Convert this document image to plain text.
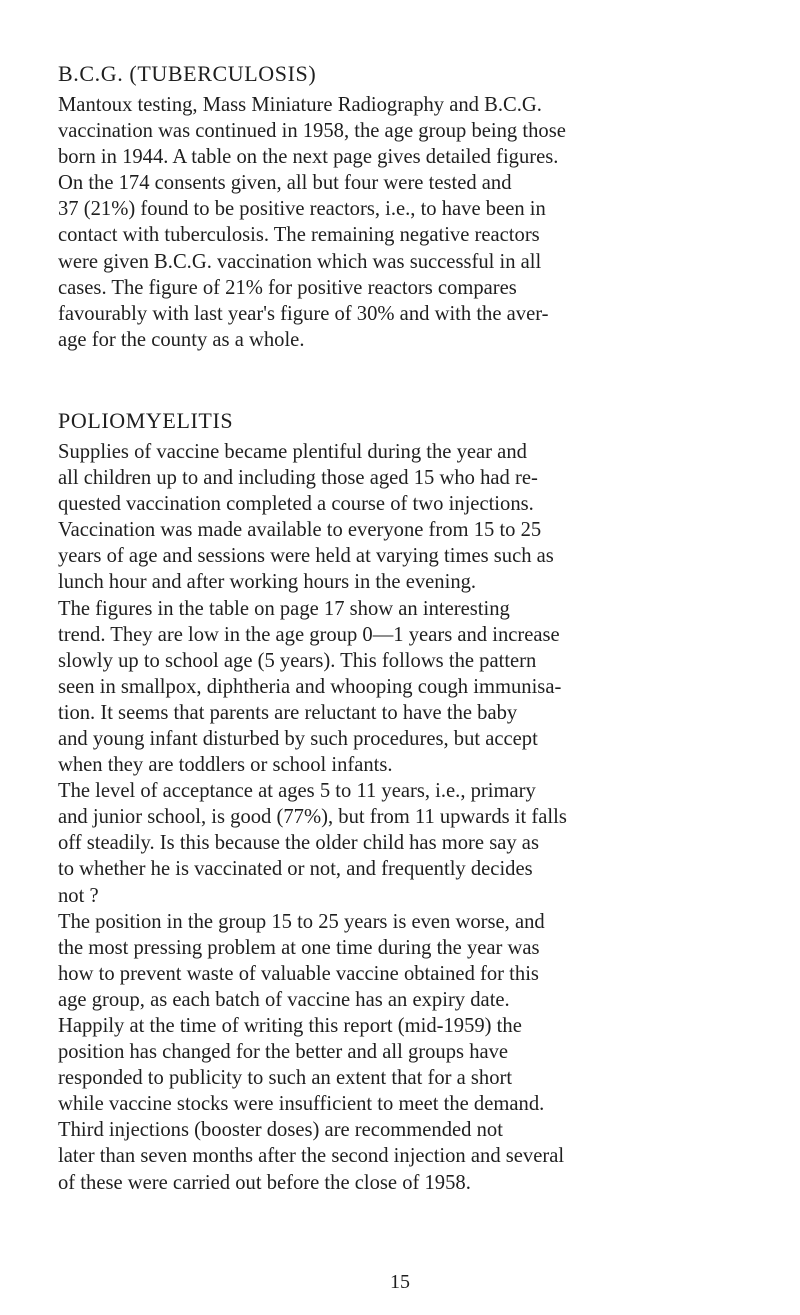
B.C.G. (TUBERCULOSIS)
Mantoux testing, Mass Miniature Radiography and B.C.G.
vaccination was continued in 1958, the age group being those
born in 1944. A table on the next page gives detailed figures.
On the 174 consents given, all but four were tested and
37 (21%) found to be positive reactors, i.e., to have been in
contact with tuberculosis. The remaining negative reactors
were given B.C.G. vaccination which was successful in all
cases. The figure of 21% for positive reactors compares
favourably with last year's figure of 30% and with the aver-
age for the county as a whole.
POLIOMYELITIS
Supplies of vaccine became plentiful during the year and
all children up to and including those aged 15 who had re-
quested vaccination completed a course of two injections.
Vaccination was made available to everyone from 15 to 25
years of age and sessions were held at varying times such as
lunch hour and after working hours in the evening.
The figures in the table on page 17 show an interesting
trend. They are low in the age group 0—1 years and increase
slowly up to school age (5 years). This follows the pattern
seen in smallpox, diphtheria and whooping cough immunisa-
tion. It seems that parents are reluctant to have the baby
and young infant disturbed by such procedures, but accept
when they are toddlers or school infants.
The level of acceptance at ages 5 to 11 years, i.e., primary
and junior school, is good (77%), but from 11 upwards it falls
off steadily. Is this because the older child has more say as
to whether he is vaccinated or not, and frequently decides
not ?
The position in the group 15 to 25 years is even worse, and
the most pressing problem at one time during the year was
how to prevent waste of valuable vaccine obtained for this
age group, as each batch of vaccine has an expiry date.
Happily at the time of writing this report (mid-1959) the
position has changed for the better and all groups have
responded to publicity to such an extent that for a short
while vaccine stocks were insufficient to meet the demand.
Third injections (booster doses) are recommended not
later than seven months after the second injection and several
of these were carried out before the close of 1958.
15
